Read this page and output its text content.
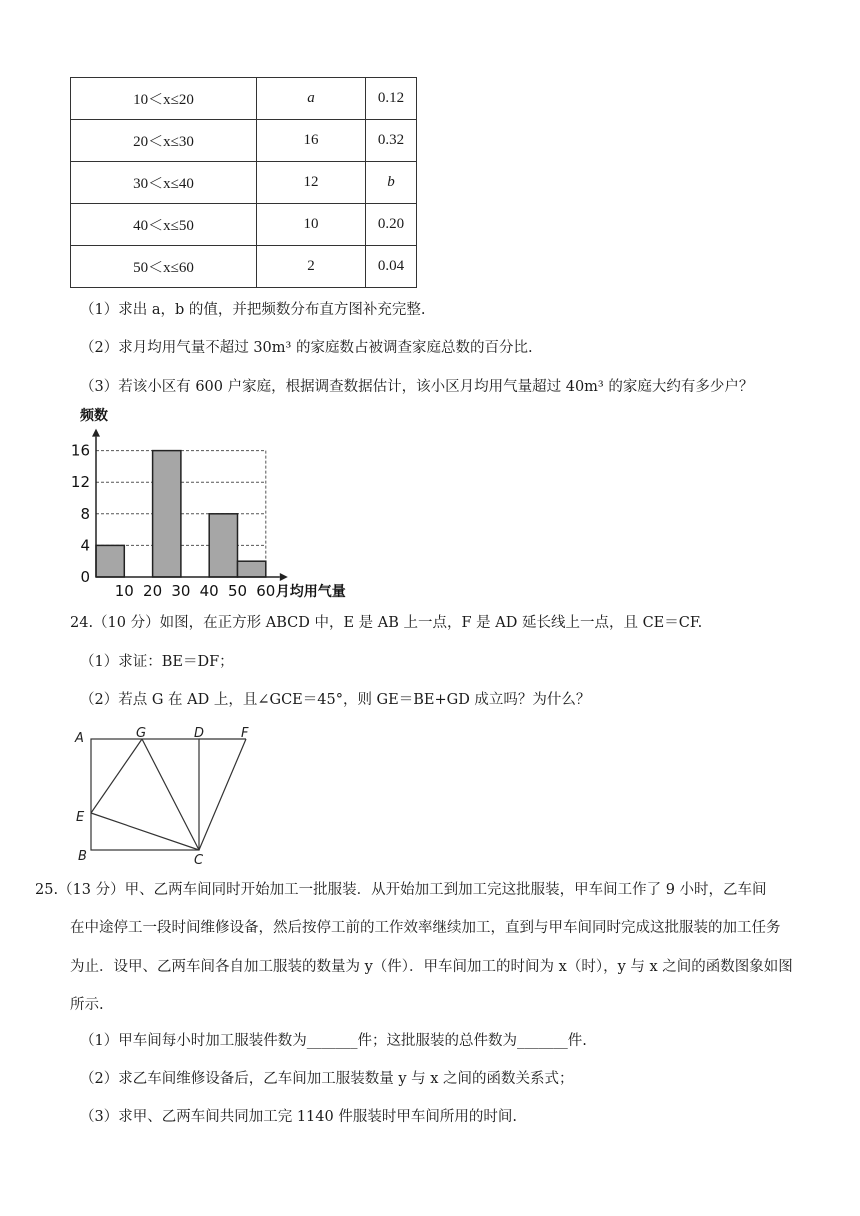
10＜x≤20	a	0.12
20＜x≤30	16	0.32
30＜x≤40	12	b
40＜x≤50	10	0.20
50＜x≤60	2	0.04
（1）求出 a，b 的值，并把频数分布直方图补充完整.
（2）求月均用气量不超过 30m³ 的家庭数占被调查家庭总数的百分比.
（3）若该小区有 600 户家庭，根据调查数据估计，该小区月均用气量超过 40m³ 的家庭大约有多少户？
0
4
8
12
16
10 20 30 40 50 60
频数
月均用气量
24.（10 分）如图，在正方形 ABCD 中，E 是 AB 上一点，F 是 AD 延长线上一点，且 CE＝CF.
（1）求证：BE＝DF；
（2）若点 G 在 AD 上，且∠GCE＝45°，则 GE＝BE+GD 成立吗？为什么？
A	G	D	F
E
B	C
25.（13 分）甲、乙两车间同时开始加工一批服装．从开始加工到加工完这批服装，甲车间工作了 9 小时，乙车间
在中途停工一段时间维修设备，然后按停工前的工作效率继续加工，直到与甲车间同时完成这批服装的加工任务
为止．设甲、乙两车间各自加工服装的数量为 y（件）．甲车间加工的时间为 x（时），y 与 x 之间的函数图象如图
所示.
（1）甲车间每小时加工服装件数为_______件；这批服装的总件数为_______件.
（2）求乙车间维修设备后，乙车间加工服装数量 y 与 x 之间的函数关系式；
（3）求甲、乙两车间共同加工完 1140 件服装时甲车间所用的时间.
